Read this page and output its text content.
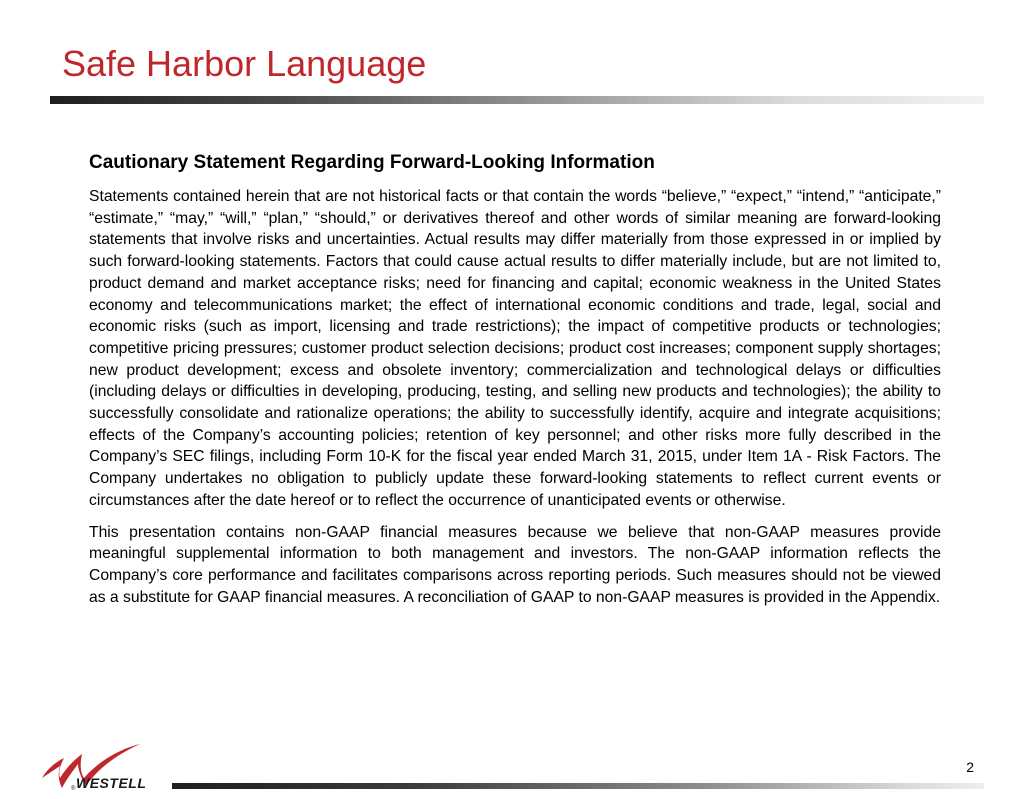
Safe Harbor Language
Cautionary Statement Regarding Forward-Looking Information

Statements contained herein that are not historical facts or that contain the words “believe,” “expect,” “intend,” “anticipate,” “estimate,” “may,” “will,” “plan,” “should,” or derivatives thereof and other words of similar meaning are forward-looking statements that involve risks and uncertainties. Actual results may differ materially from those expressed in or implied by such forward-looking statements. Factors that could cause actual results to differ materially include, but are not limited to, product demand and market acceptance risks; need for financing and capital; economic weakness in the United States economy and telecommunications market; the effect of international economic conditions and trade, legal, social and economic risks (such as import, licensing and trade restrictions); the impact of competitive products or technologies; competitive pricing pressures; customer product selection decisions; product cost increases; component supply shortages; new product development; excess and obsolete inventory; commercialization and technological delays or difficulties (including delays or difficulties in developing, producing, testing, and selling new products and technologies); the ability to successfully consolidate and rationalize operations; the ability to successfully identify, acquire and integrate acquisitions; effects of the Company’s accounting policies; retention of key personnel; and other risks more fully described in the Company’s SEC filings, including Form 10-K for the fiscal year ended March 31, 2015, under Item 1A - Risk Factors. The Company undertakes no obligation to publicly update these forward-looking statements to reflect current events or circumstances after the date hereof or to reflect the occurrence of unanticipated events or otherwise.

This presentation contains non-GAAP financial measures because we believe that non-GAAP measures provide meaningful supplemental information to both management and investors. The non-GAAP information reflects the Company’s core performance and facilitates comparisons across reporting periods. Such measures should not be viewed as a substitute for GAAP financial measures. A reconciliation of GAAP to non-GAAP measures is provided in the Appendix.

WESTELL
®
2
